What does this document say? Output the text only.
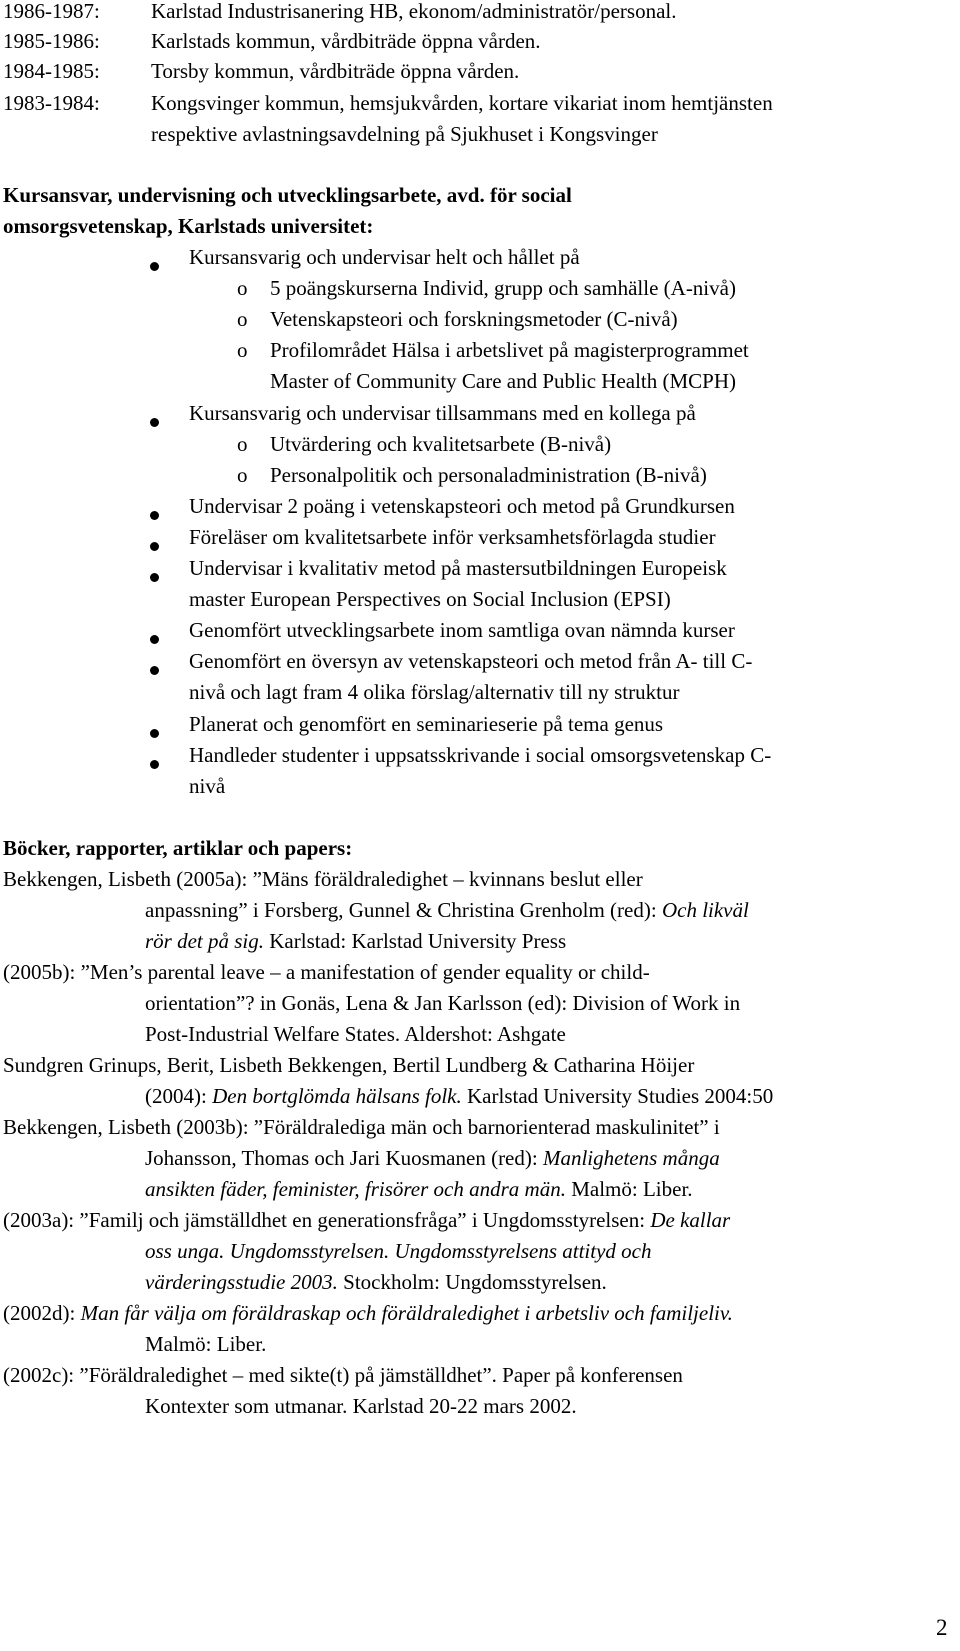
1986-1987: Karlstad Industrisanering HB, ekonom/administratör/personal.
1985-1986: Karlstads kommun, vårdbiträde öppna vården.
1984-1985: Torsby kommun, vårdbiträde öppna vården.
1983-1984: Kongsvinger kommun, hemsjukvården, kortare vikariat inom hemtjänsten
respektive avlastningsavdelning på Sjukhuset i Kongsvinger
Kursansvar, undervisning och utvecklingsarbete, avd. för social
omsorgsvetenskap, Karlstads universitet:
Kursansvarig och undervisar helt och hållet på
o 5 poängskurserna Individ, grupp och samhälle (A-nivå)
o Vetenskapsteori och forskningsmetoder (C-nivå)
o Profilområdet Hälsa i arbetslivet på magisterprogrammet
Master of Community Care and Public Health (MCPH)
Kursansvarig och undervisar tillsammans med en kollega på
o Utvärdering och kvalitetsarbete (B-nivå)
o Personalpolitik och personaladministration (B-nivå)
Undervisar 2 poäng i vetenskapsteori och metod på Grundkursen
Föreläser om kvalitetsarbete inför verksamhetsförlagda studier
Undervisar i kvalitativ metod på mastersutbildningen Europeisk
master European Perspectives on Social Inclusion (EPSI)
Genomfört utvecklingsarbete inom samtliga ovan nämnda kurser
Genomfört en översyn av vetenskapsteori och metod från A- till C-
nivå och lagt fram 4 olika förslag/alternativ till ny struktur
Planerat och genomfört en seminarieserie på tema genus
Handleder studenter i uppsatsskrivande i social omsorgsvetenskap C-
nivå
Böcker, rapporter, artiklar och papers:
Bekkengen, Lisbeth (2005a): ”Mäns föräldraledighet – kvinnans beslut eller
anpassning” i Forsberg, Gunnel & Christina Grenholm (red): Och likväl
rör det på sig. Karlstad: Karlstad University Press
(2005b): ”Men’s parental leave – a manifestation of gender equality or child-
orientation”? in Gonäs, Lena & Jan Karlsson (ed): Division of Work in
Post-Industrial Welfare States. Aldershot: Ashgate
Sundgren Grinups, Berit, Lisbeth Bekkengen, Bertil Lundberg & Catharina Höijer
(2004): Den bortglömda hälsans folk. Karlstad University Studies 2004:50
Bekkengen, Lisbeth (2003b): ”Föräldralediga män och barnorienterad maskulinitet” i
Johansson, Thomas och Jari Kuosmanen (red): Manlighetens många
ansikten fäder, feminister, frisörer och andra män. Malmö: Liber.
(2003a): ”Familj och jämställdhet en generationsfråga” i Ungdomsstyrelsen: De kallar
oss unga. Ungdomsstyrelsen. Ungdomsstyrelsens attityd och
värderingsstudie 2003. Stockholm: Ungdomsstyrelsen.
(2002d): Man får välja om föräldraskap och föräldraledighet i arbetsliv och familjeliv.
Malmö: Liber.
(2002c): ”Föräldraledighet – med sikte(t) på jämställdhet”. Paper på konferensen
Kontexter som utmanar. Karlstad 20-22 mars 2002.
2
